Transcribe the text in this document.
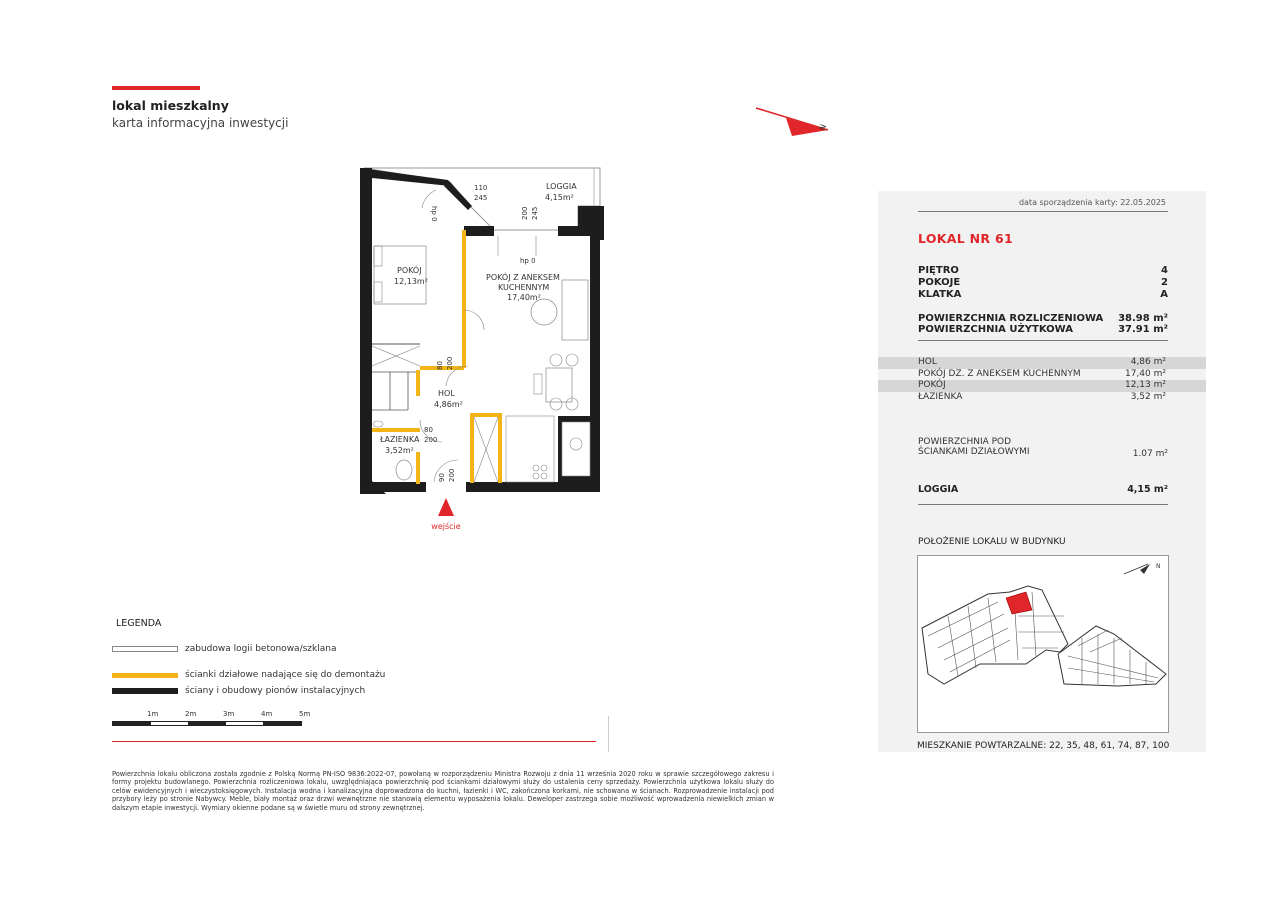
lokal mieszkalny
karta informacyjna inwestycji	N
LOGGIA
4,15m²
POKÓJ
12,13m²	POKÓJ Z ANEKSEM
KUCHENNYM
17,40m²
HOL
4,86m²
ŁAZIENKA
3,52m²
110
245
hp 0	200 245
hp 0
80 200
80
200
90 200
wejście
LEGENDA
zabudowa logii betonowa/szklana
ścianki działowe nadające się do demontażu
ściany i obudowy pionów instalacyjnych
1m	2m	3m	4m	5m
Powierzchnia lokalu obliczona została zgodnie z Polską Normą PN-ISO 9836:2022-07, powołaną w rozporządzeniu Ministra Rozwoju z dnia 11 września 2020 roku w sprawie szczegółowego zakresu i formy projektu budowlanego. Powierzchnia rozliczeniowa lokalu, uwzględniająca powierzchnię pod ściankami działowymi służy do ustalenia ceny sprzedaży. Powierzchnia użytkowa lokalu służy do celów ewidencyjnych i wieczystoksięgowych. Instalacja wodna i kanalizacyjna doprowadzona do kuchni, łazienki i WC, zakończona korkami, nie schowana w ścianach. Rozprowadzenie instalacji pod przybory leży po stronie Nabywcy. Meble, biały montaż oraz drzwi wewnętrzne nie stanowią elementu wyposażenia lokalu. Deweloper zastrzega sobie możliwość wprowadzenia niewielkich zmian w dalszym etapie inwestycji. Wymiary okienne podane są w świetle muru od strony zewnętrznej.
data sporządzenia karty: 22.05.2025
LOKAL NR 61
PIĘTRO	4
POKOJE	2
KLATKA	A
POWIERZCHNIA ROZLICZENIOWA 38.98 m²
POWIERZCHNIA UŻYTKOWA	37.91 m²
HOL	4,86 m²
POKÓJ DZ. Z ANEKSEM KUCHENNYM	17,40 m²
POKÓJ	12,13 m²
ŁAZIENKA	3,52 m²
POWIERZCHNIA POD
ŚCIANKAMI DZIAŁOWYMI	1.07 m²
LOGGIA	4,15 m²
POŁOŻENIE LOKALU W BUDYNKU
N
MIESZKANIE POWTARZALNE: 22, 35, 48, 61, 74, 87, 100
